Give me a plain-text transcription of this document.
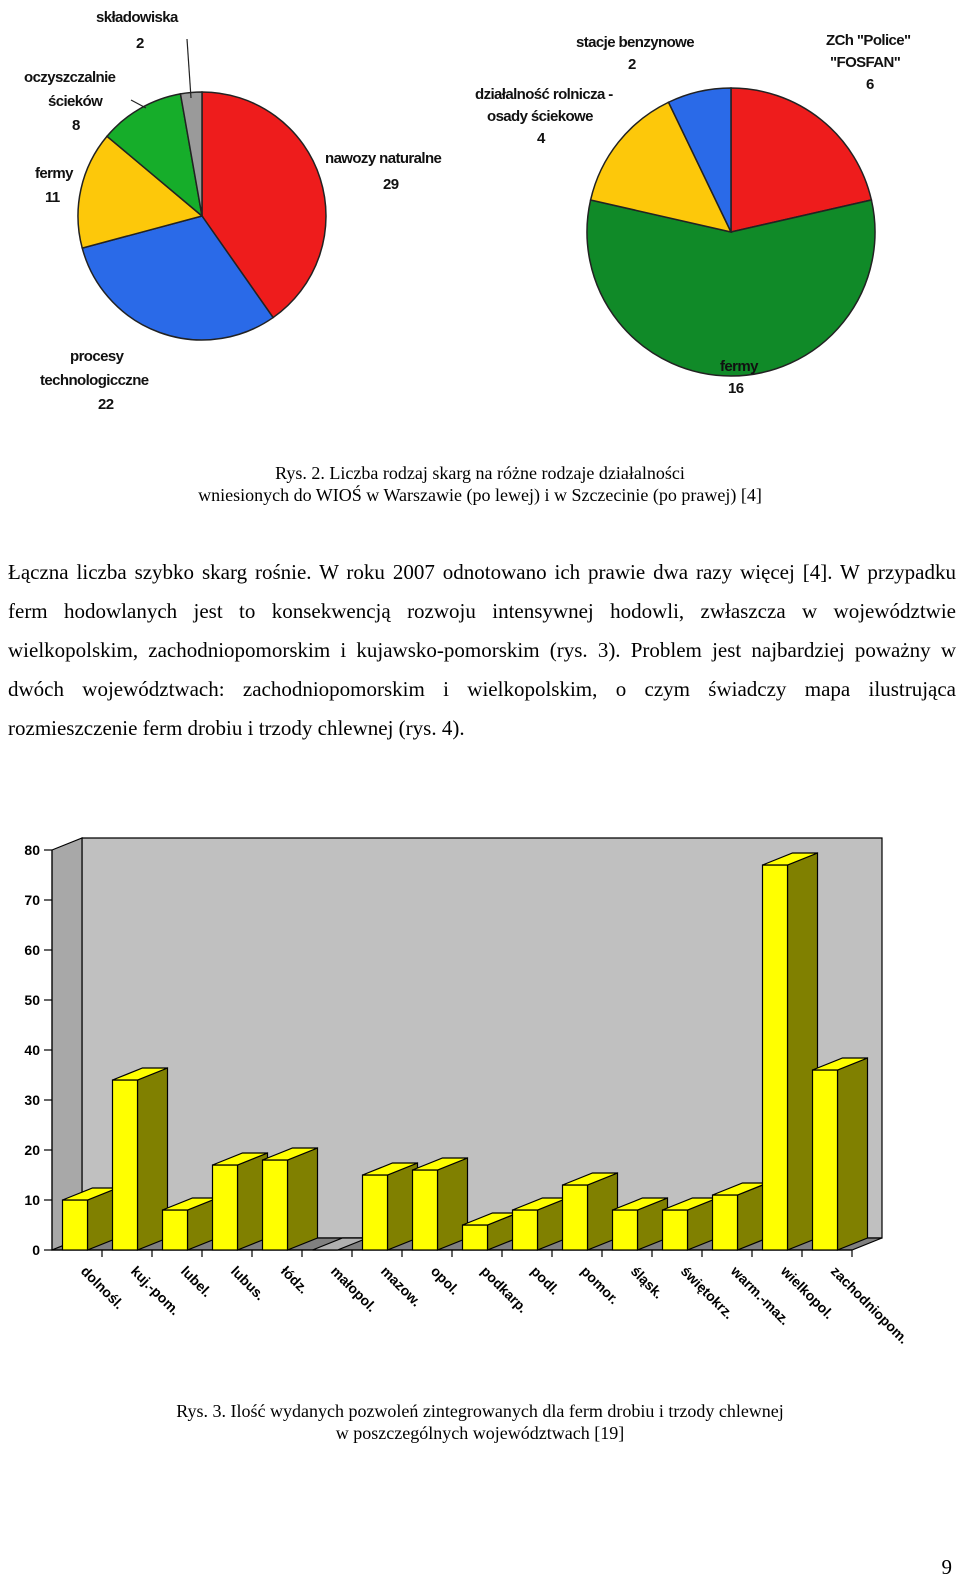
nawozy naturalne 29
procesy technologicczne 22
fermy 11
oczyszczalnie ścieków 8
składowiska 2	ZCh "Police" "FOSFAN" 6
fermy 16
działalność rolnicza -osady ściekowe 4
stacje benzynowe 2
Rys. 2. Liczba rodzaj skarg na różne rodzaje działalności
wniesionych do WIOŚ w Warszawie (po lewej) i w Szczecinie (po prawej) [4]

Łączna liczba szybko skarg rośnie. W roku 2007 odnotowano ich prawie dwa razy więcej [4]. W przypadku ferm hodowlanych jest to konsekwencją rozwoju intensywnej hodowli, zwłaszcza w województwie wielkopolskim, zachodniopomorskim i kujawsko-pomorskim (rys. 3). Problem jest najbardziej poważny w dwóch województwach: zachodniopomorskim i wielkopolskim, o czym świadczy mapa ilustrująca rozmieszczenie ferm drobiu i trzody chlewnej (rys. 4).

0
10
20
30
40
50
60
70
80
dolnośl. kuj.-pom.
lubel. lubus. łódz. małopol.
mazow. opol. podkarp.
podl. pomor. śląsk. świętokrz.
warm.-maz.
wielkopol.
zachodniopom.
Rys. 3. Ilość wydanych pozwoleń zintegrowanych dla ferm drobiu i trzody chlewnej
w poszczególnych województwach [19]
9
